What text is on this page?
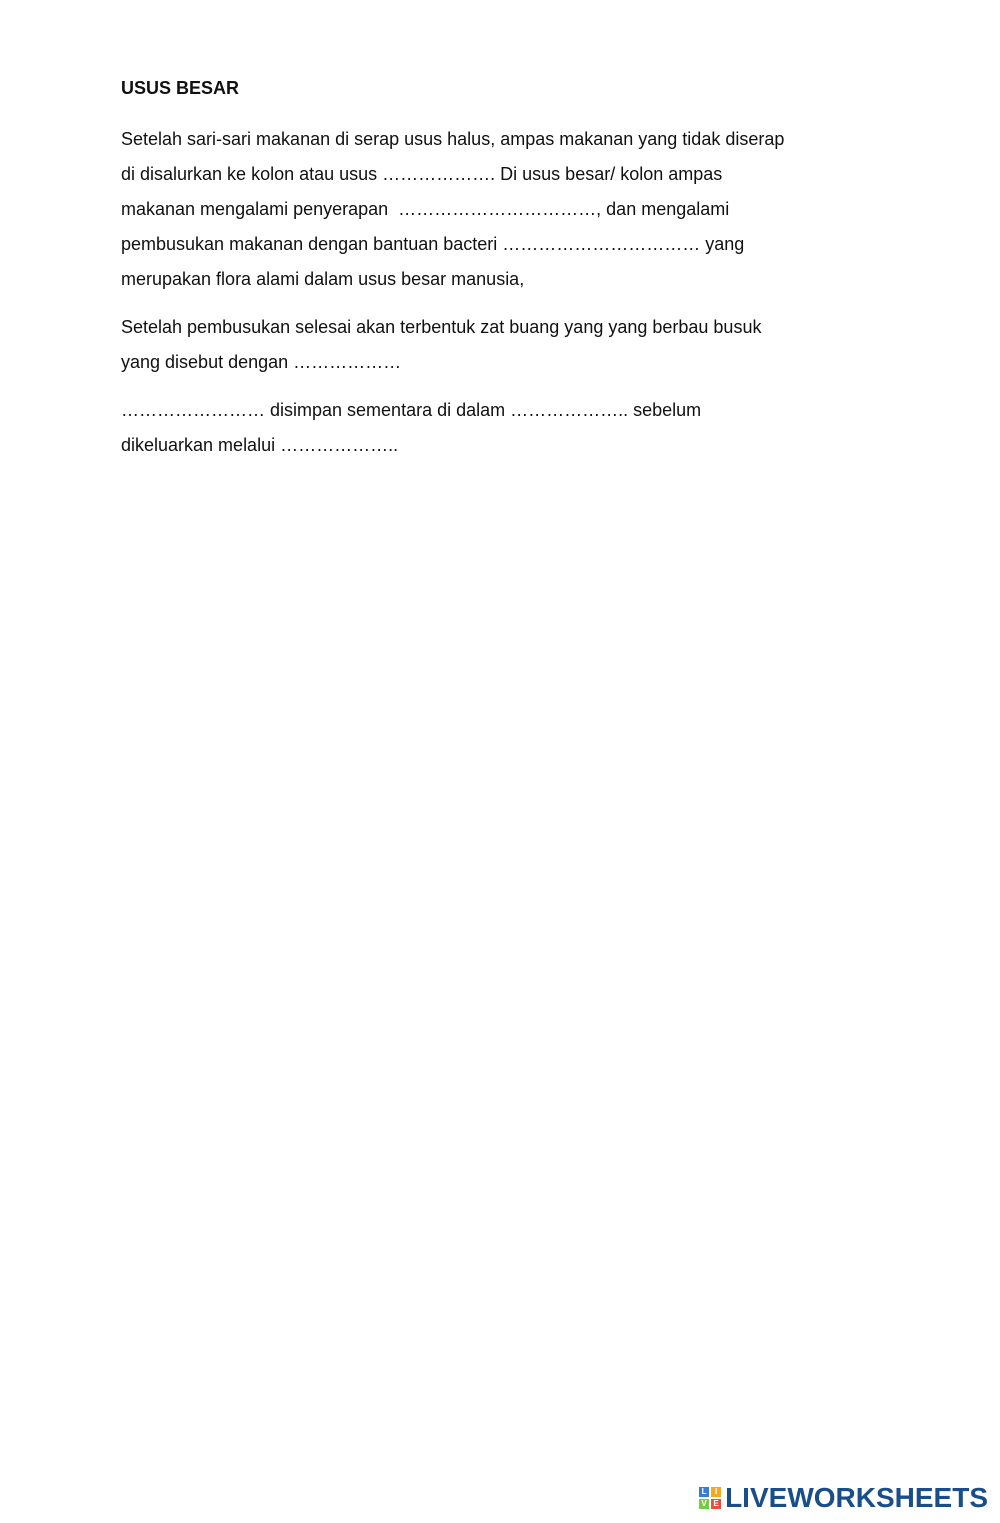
USUS BESAR
Setelah sari-sari makanan di serap usus halus, ampas makanan yang tidak diserap
di disalurkan ke kolon atau usus ………………. Di usus besar/ kolon ampas
makanan mengalami penyerapan  ……………………………, dan mengalami
pembusukan makanan dengan bantuan bacteri …………………………… yang
merupakan flora alami dalam usus besar manusia,
Setelah pembusukan selesai akan terbentuk zat buang yang yang berbau busuk
yang disebut dengan ………………
…………………… disimpan sementara di dalam ……………….. sebelum
dikeluarkan melalui ………………..
L	I
V E LIVEWORKSHEETS
